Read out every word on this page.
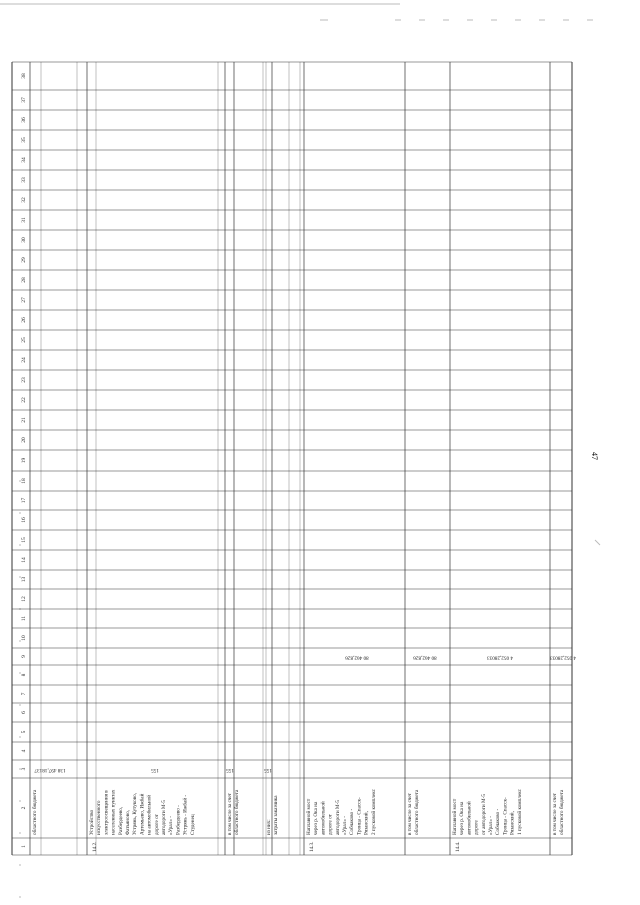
47
1
2
3
4
5
6
7
8
9
10
11
12
13
14
15
16
17
18
19
20
21
22
23
24
25
26
27
28
29
30
31
32
33
34
35
36
37
38
областного бюджета
138 497,18137
14.2.
Устройство искусственного электроосвещения в населенных пунктах Разбердеево, Фатьяново, Устрянь, Кутуково, Артемьево, Ижбай на автомобильной дороге от автодороги М-5 «Урал» - Разбердеево - Устрянь - Ижбай - Студенец
155
в том числе за счет областного бюджета
155
из них: затраты заказчика
155
14.3.
Наплавной мост через р. Ока на автомобильной дороге от автодороги М-5 «Урал» - Собчаково - Троица - Спасск- Рязанский, 2 пусковой комплекс
80 462,826
в том числе за счет областного бюджета
80 462,826
14.4.
Наплавной мост через р. Ока на автомобильной дороге от автодороги М-5 «Урал» - Собчаково - Троица - Спасск- Рязанский, 1 пусковой комплекс
4 052,28033
в том числе за счет областного бюджета
4 052,28033
